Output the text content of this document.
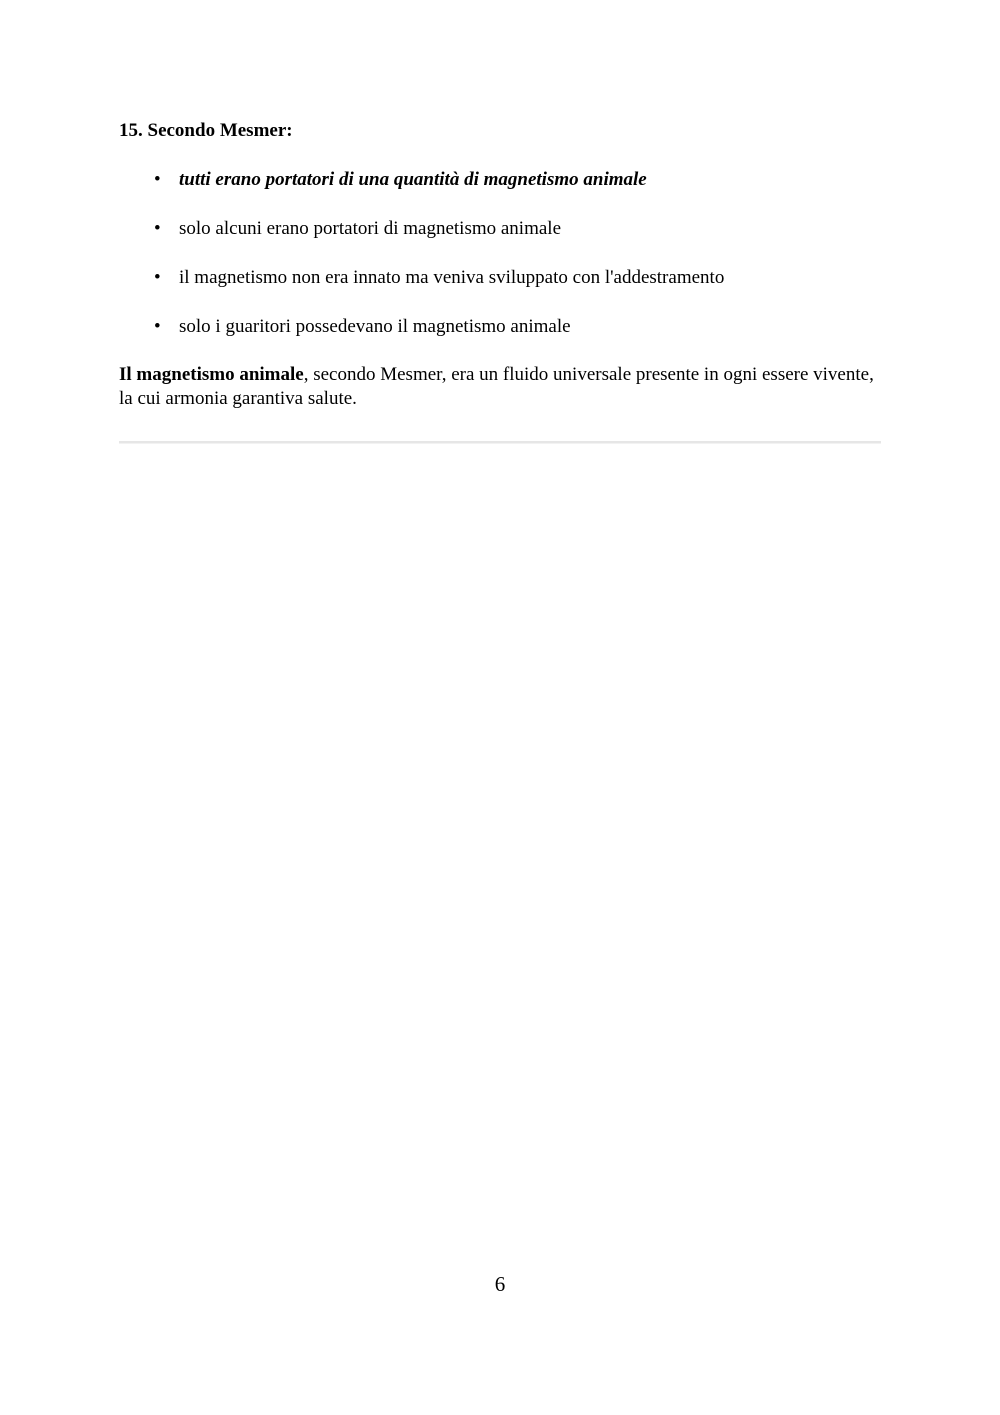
15. Secondo Mesmer:
• tutti erano portatori di una quantità di magnetismo animale
• solo alcuni erano portatori di magnetismo animale
• il magnetismo non era innato ma veniva sviluppato con l'addestramento
• solo i guaritori possedevano il magnetismo animale

Il magnetismo animale, secondo Mesmer, era un fluido universale presente in ogni essere vivente, la cui armonia garantiva salute.

6
